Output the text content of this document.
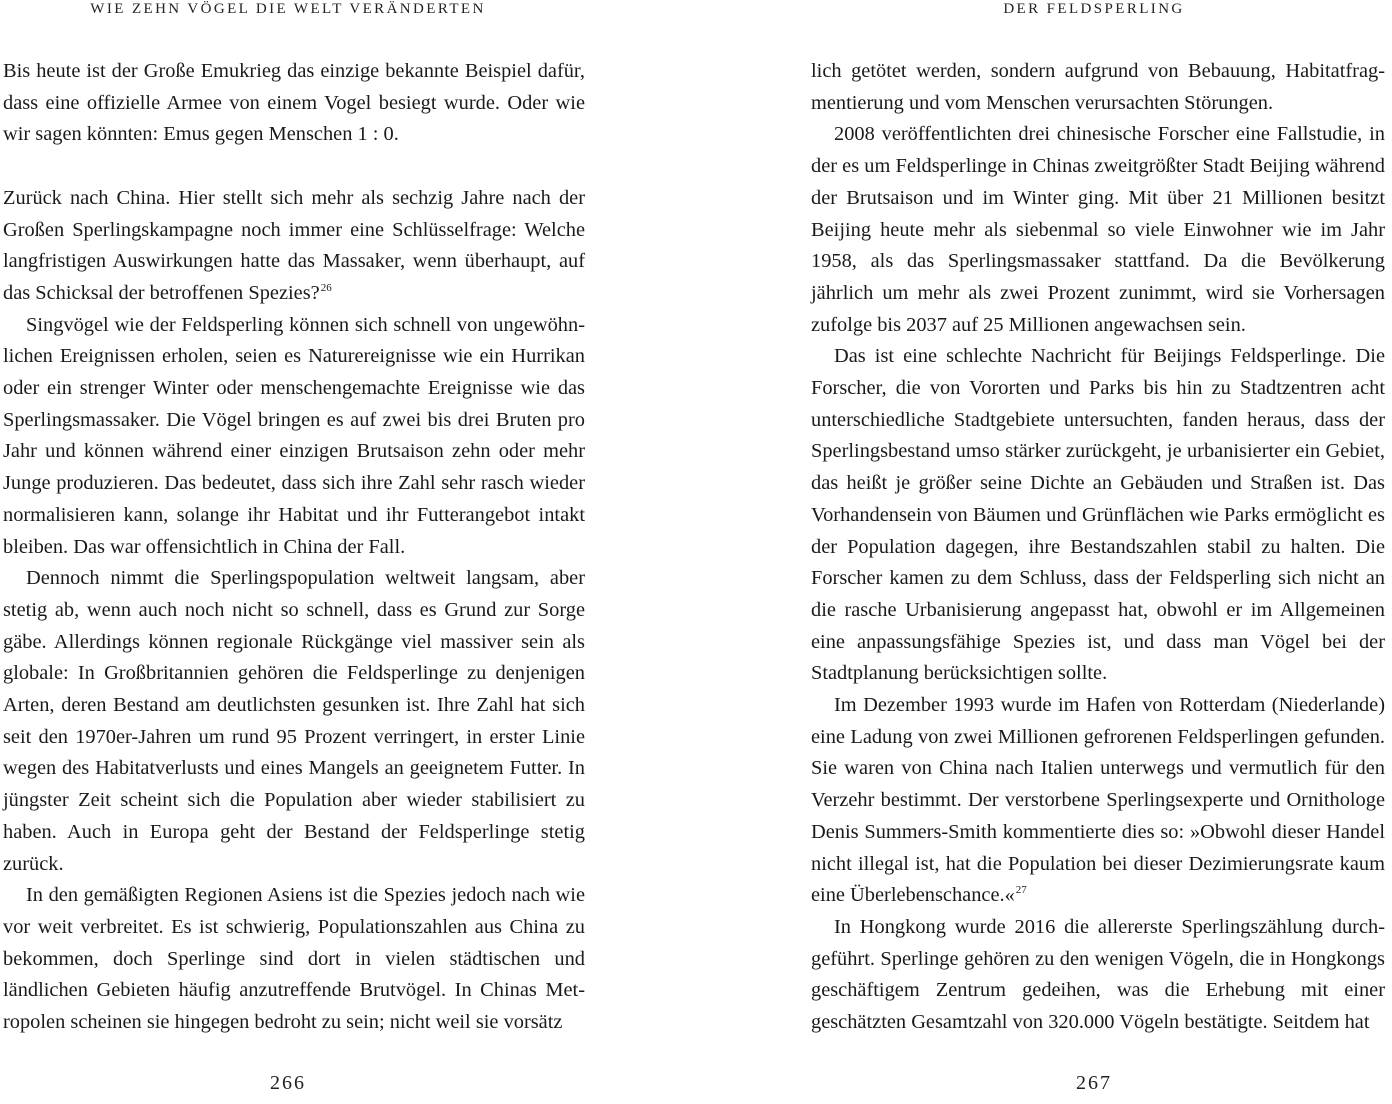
WIE ZEHN VÖGEL DIE WELT VERÄNDERTEN

Bis heute ist der Große Emukrieg das einzige bekannte Beispiel dafür, dass eine offizielle Armee von einem Vogel besiegt wurde. Oder wie wir sagen könnten: Emus gegen Menschen 1 : 0.

Zurück nach China. Hier stellt sich mehr als sechzig Jahre nach der Großen Sperlingskampagne noch immer eine Schlüsselfrage: Welche langfristigen Auswirkungen hatte das Massaker, wenn überhaupt, auf das Schicksal der betroffenen Spezies?$^{26}$

Singvögel wie der Feldsperling können sich schnell von ungewöhnlichen Ereignissen erholen, seien es Naturereignisse wie ein Hurrikan oder ein strenger Winter oder menschengemachte Ereignisse wie das Sperlingsmassaker. Die Vögel bringen es auf zwei bis drei Bruten pro Jahr und können während einer einzigen Brutsaison zehn oder mehr Junge produzieren. Das bedeutet, dass sich ihre Zahl sehr rasch wieder normalisieren kann, solange ihr Habitat und ihr Futterangebot intakt bleiben. Das war offensichtlich in China der Fall.

Dennoch nimmt die Sperlingspopulation weltweit langsam, aber stetig ab, wenn auch noch nicht so schnell, dass es Grund zur Sorge gäbe. Allerdings können regionale Rückgänge viel massiver sein als globale: In Großbritannien gehören die Feldsperlinge zu denjenigen Arten, deren Bestand am deutlichsten gesunken ist. Ihre Zahl hat sich seit den 1970er-Jahren um rund 95 Prozent verringert, in erster Linie wegen des Habitatverlusts und eines Mangels an geeignetem Futter. In jüngster Zeit scheint sich die Population aber wieder stabilisiert zu haben. Auch in Europa geht der Bestand der Feldsperlinge stetig zurück.

In den gemäßigten Regionen Asiens ist die Spezies jedoch nach wie vor weit verbreitet. Es ist schwierig, Populationszahlen aus China zu bekommen, doch Sperlinge sind dort in vielen städtischen und ländlichen Gebieten häufig anzutreffende Brutvögel. In Chinas Metropolen scheinen sie hingegen bedroht zu sein; nicht weil sie vorsätz

266
DER FELDSPERLING

lich getötet werden, sondern aufgrund von Bebauung, Habitatfragmentierung und vom Menschen verursachten Störungen.

2008 veröffentlichten drei chinesische Forscher eine Fallstudie, in der es um Feldsperlinge in Chinas zweitgrößter Stadt Beijing während der Brutsaison und im Winter ging. Mit über 21 Millionen besitzt Beijing heute mehr als siebenmal so viele Einwohner wie im Jahr 1958, als das Sperlingsmassaker stattfand. Da die Bevölkerung jährlich um mehr als zwei Prozent zunimmt, wird sie Vorhersagen zufolge bis 2037 auf 25 Millionen angewachsen sein.

Das ist eine schlechte Nachricht für Beijings Feldsperlinge. Die Forscher, die von Vororten und Parks bis hin zu Stadtzentren acht unterschiedliche Stadtgebiete untersuchten, fanden heraus, dass der Sperlingsbestand umso stärker zurückgeht, je urbanisierter ein Gebiet, das heißt je größer seine Dichte an Gebäuden und Straßen ist. Das Vorhandensein von Bäumen und Grünflächen wie Parks ermöglicht es der Population dagegen, ihre Bestandszahlen stabil zu halten. Die Forscher kamen zu dem Schluss, dass der Feldsperling sich nicht an die rasche Urbanisierung angepasst hat, obwohl er im Allgemeinen eine anpassungsfähige Spezies ist, und dass man Vögel bei der Stadtplanung berücksichtigen sollte.

Im Dezember 1993 wurde im Hafen von Rotterdam (Niederlande) eine Ladung von zwei Millionen gefrorenen Feldsperlingen gefunden. Sie waren von China nach Italien unterwegs und vermutlich für den Verzehr bestimmt. Der verstorbene Sperlingsexperte und Ornithologe Denis Summers-Smith kommentierte dies so: »Obwohl dieser Handel nicht illegal ist, hat die Population bei dieser Dezimierungsrate kaum eine Überlebenschance.«$^{27}$

In Hongkong wurde 2016 die allererste Sperlingszählung durchgeführt. Sperlinge gehören zu den wenigen Vögeln, die in Hongkongs geschäftigem Zentrum gedeihen, was die Erhebung mit einer geschätzten Gesamtzahl von 320.000 Vögeln bestätigte. Seitdem hat

267
